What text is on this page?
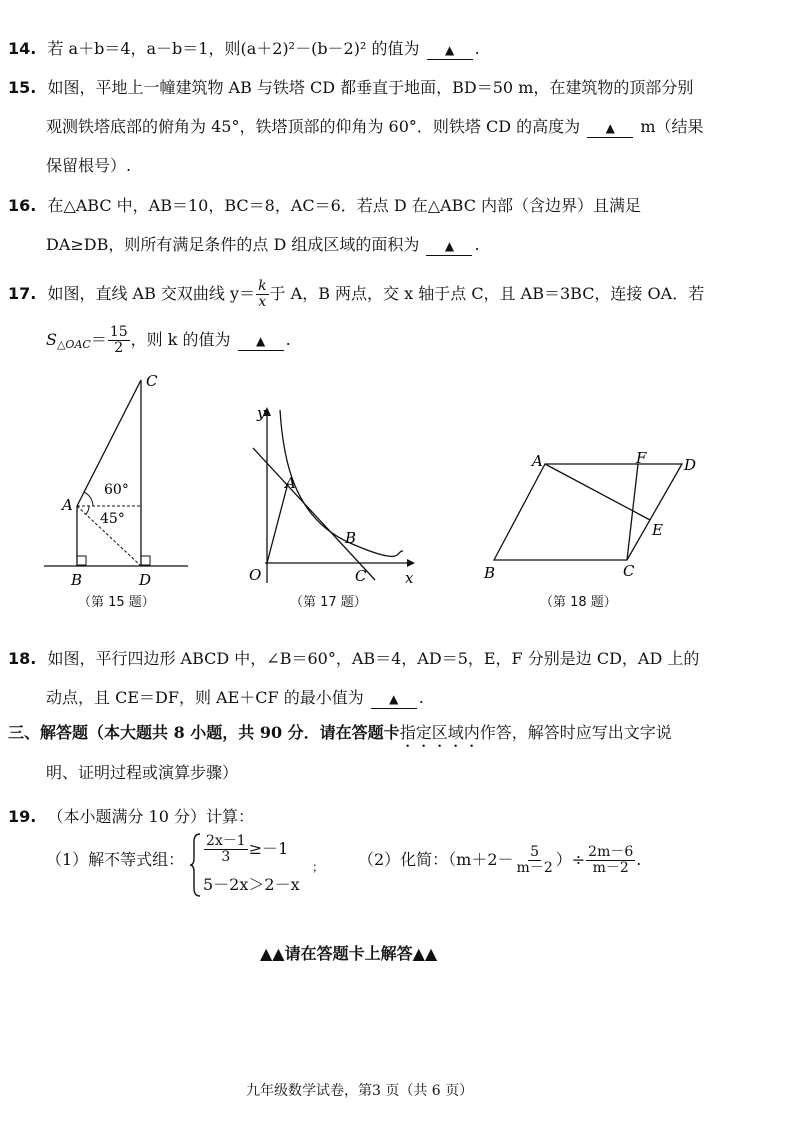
14. 若 a＋b＝4，a－b＝1，则(a＋2)²－(b－2)² 的值为 ▲ .
15. 如图，平地上一幢建筑物 AB 与铁塔 CD 都垂直于地面，BD＝50 m，在建筑物的顶部分别
观测铁塔底部的俯角为 45°，铁塔顶部的仰角为 60°．则铁塔 CD 的高度为 ▲ m（结果
保留根号）.
16. 在△ABC 中，AB＝10，BC＝8，AC＝6．若点 D 在△ABC 内部（含边界）且满足
DA≥DB，则所有满足条件的点 D 组成区域的面积为 ▲ .
17. 如图，直线 AB 交双曲线 $y= \frac{k}{x}$ 于 A，B 两点，交 x 轴于点 C，且 AB＝3BC，连接 OA．若
$S_{\triangle OAC}= \frac{15}{2}$ ，则 k 的值为 ▲ .
C
A
B	D
60°
45°
（第 15 题）
y
x
O
A
B
C
（第 17 题）
A	F	D
E
B	C
（第 18 题）
18. 如图，平行四边形 ABCD 中，∠B＝60°，AB＝4，AD＝5，E，F 分别是边 CD，AD 上的
动点，且 CE＝DF，则 AE＋CF 的最小值为 ▲ .
三、解答题（本大题共 8 小题，共 90 分．请在答题卡指定区域内作答，解答时应写出文字说
明、证明过程或演算步骤）
19. （本小题满分 10 分）计算：
（1）解不等式组： $\frac{2x-1}{3} \ge-1$
5－2x＞2－x
； （2）化简：（$m+2- \frac{5}{m-2}$ ）÷ $\frac{2m-6}{m-2}$ .
▲▲请在答题卡上解答▲▲
九年级数学试卷，第3 页（共 6 页）
